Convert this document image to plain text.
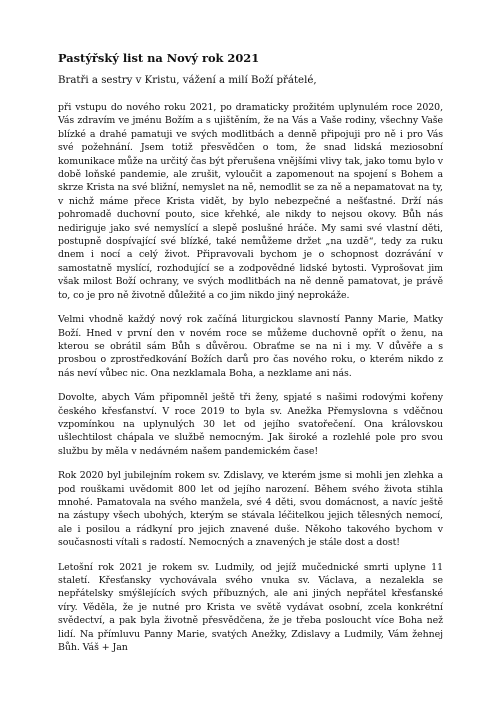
Pastýřský list na Nový rok 2021

Bratři a sestry v Kristu, vážení a milí Boží přátelé,

při vstupu do nového roku 2021, po dramaticky prožitém uplynulém roce 2020, Vás zdravím ve jménu Božím a s ujištěním, že na Vás a Vaše rodiny, všechny Vaše blízké a drahé pamatuji ve svých modlitbách a denně připojuji pro ně i pro Vás své požehnání. Jsem totiž přesvědčen o tom, že snad lidská meziosobní komunikace může na určitý čas být přerušena vnějšími vlivy tak, jako tomu bylo v době loňské pandemie, ale zrušit, vyloučit a zapomenout na spojení s Bohem a skrze Krista na své bližní, nemyslet na ně, nemodlit se za ně a nepamatovat na ty, v nichž máme přece Krista vidět, by bylo nebezpečné a nešťastné. Drží nás pohromadě duchovní pouto, sice křehké, ale nikdy to nejsou okovy. Bůh nás nediriguje jako své nemyslící a slepě poslušné hráče. My sami své vlastní děti, postupně dospívající své blízké, také nemůžeme držet „na uzdě“, tedy za ruku dnem i nocí a celý život. Připravovali bychom je o schopnost dozrávání v samostatně myslící, rozhodující se a zodpovědné lidské bytosti. Vyprošovat jim však milost Boží ochrany, ve svých modlitbách na ně denně pamatovat, je právě to, co je pro ně životně důležité a co jim nikdo jiný neprokáže.

Velmi vhodně každý nový rok začíná liturgickou slavností Panny Marie, Matky Boží. Hned v první den v novém roce se můžeme duchovně opřít o ženu, na kterou se obrátil sám Bůh s důvěrou. Obraťme se na ni i my. V důvěře a s prosbou o zprostředkování Božích darů pro čas nového roku, o kterém nikdo z nás neví vůbec nic. Ona nezklamala Boha, a nezklame ani nás.

Dovolte, abych Vám připomněl ještě tři ženy, spjaté s našimi rodovými kořeny českého křesťanství. V roce 2019 to byla sv. Anežka Přemyslovna s vděčnou vzpomínkou na uplynulých 30 let od jejího svatořečení. Ona královskou ušlechtilost chápala ve službě nemocným. Jak široké a rozlehlé pole pro svou službu by měla v nedávném našem pandemickém čase!

Rok 2020 byl jubilejním rokem sv. Zdislavy, ve kterém jsme si mohli jen zlehka a pod rouškami uvědomit 800 let od jejího narození. Během svého života stihla mnohé. Pamatovala na svého manžela, své 4 děti, svou domácnost, a navíc ještě na zástupy všech ubohých, kterým se stávala léčitelkou jejich tělesných nemocí, ale i posilou a rádkyní pro jejich znavené duše. Někoho takového bychom v současnosti vítali s radostí. Nemocných a znavených je stále dost a dost!

Letošní rok 2021 je rokem sv. Ludmily, od jejíž mučednické smrti uplyne 11 staletí. Křesťansky vychovávala svého vnuka sv. Václava, a nezalekla se nepřátelsky smýšlejících svých příbuzných, ale ani jiných nepřátel křesťanské víry. Věděla, že je nutné pro Krista ve světě vydávat osobní, zcela konkrétní svědectví, a pak byla životně přesvědčena, že je třeba posloucht více Boha než lidí. Na přímluvu Panny Marie, svatých Anežky, Zdislavy a Ludmily, Vám žehnej Bůh. Váš + Jan
